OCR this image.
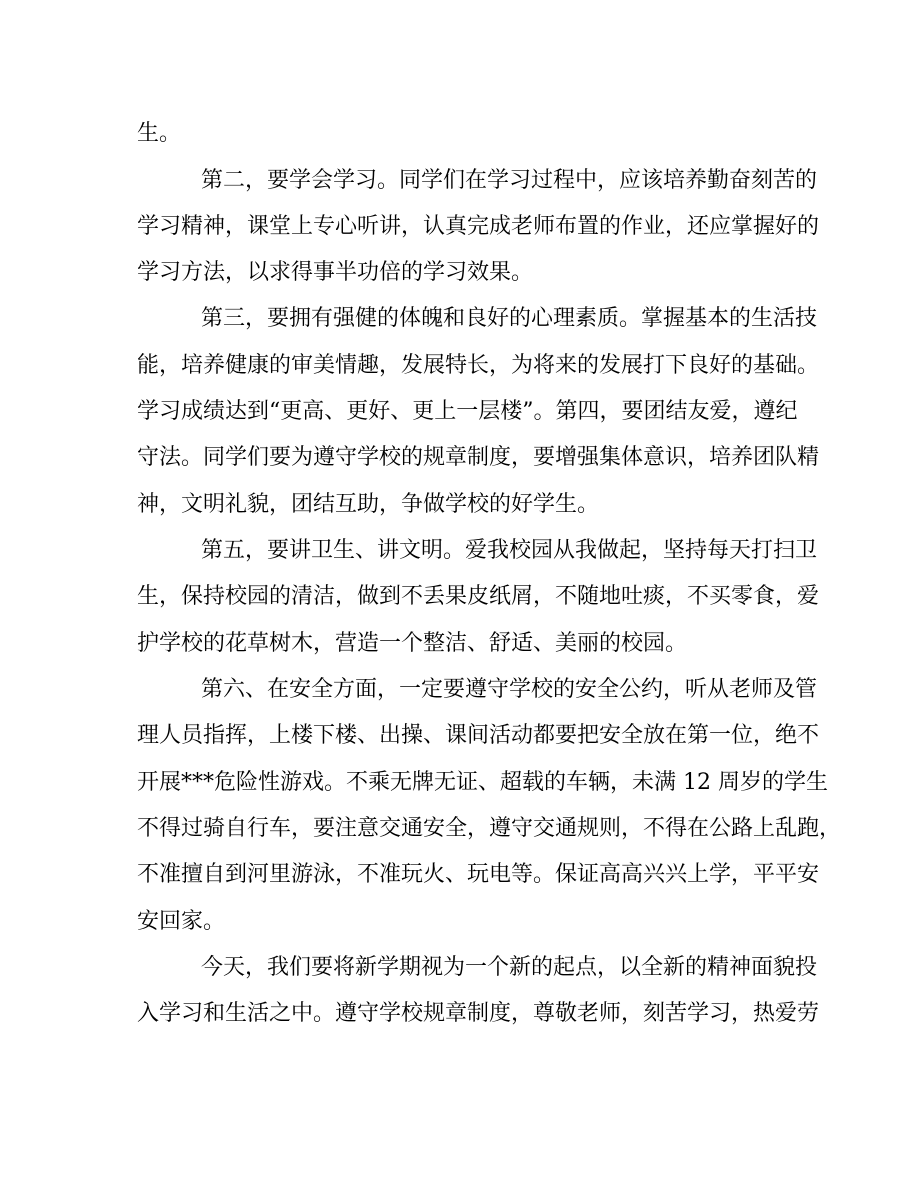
生。
第二，要学会学习。同学们在学习过程中，应该培养勤奋刻苦的
学习精神，课堂上专心听讲，认真完成老师布置的作业，还应掌握好的
学习方法，以求得事半功倍的学习效果。
第三，要拥有强健的体魄和良好的心理素质。掌握基本的生活技
能，培养健康的审美情趣，发展特长，为将来的发展打下良好的基础。
学习成绩达到“更高、更好、更上一层楼”。第四，要团结友爱，遵纪
守法。同学们要为遵守学校的规章制度，要增强集体意识，培养团队精
神，文明礼貌，团结互助，争做学校的好学生。
第五，要讲卫生、讲文明。爱我校园从我做起，坚持每天打扫卫
生，保持校园的清洁，做到不丢果皮纸屑，不随地吐痰，不买零食，爱
护学校的花草树木，营造一个整洁、舒适、美丽的校园。
第六、在安全方面，一定要遵守学校的安全公约，听从老师及管
理人员指挥，上楼下楼、出操、课间活动都要把安全放在第一位，绝不
开展***危险性游戏。不乘无牌无证、超载的车辆，未满 12 周岁的学生
不得过骑自行车，要注意交通安全，遵守交通规则，不得在公路上乱跑，
不准擅自到河里游泳，不准玩火、玩电等。保证高高兴兴上学，平平安
安回家。
今天，我们要将新学期视为一个新的起点，以全新的精神面貌投
入学习和生活之中。遵守学校规章制度，尊敬老师，刻苦学习，热爱劳
